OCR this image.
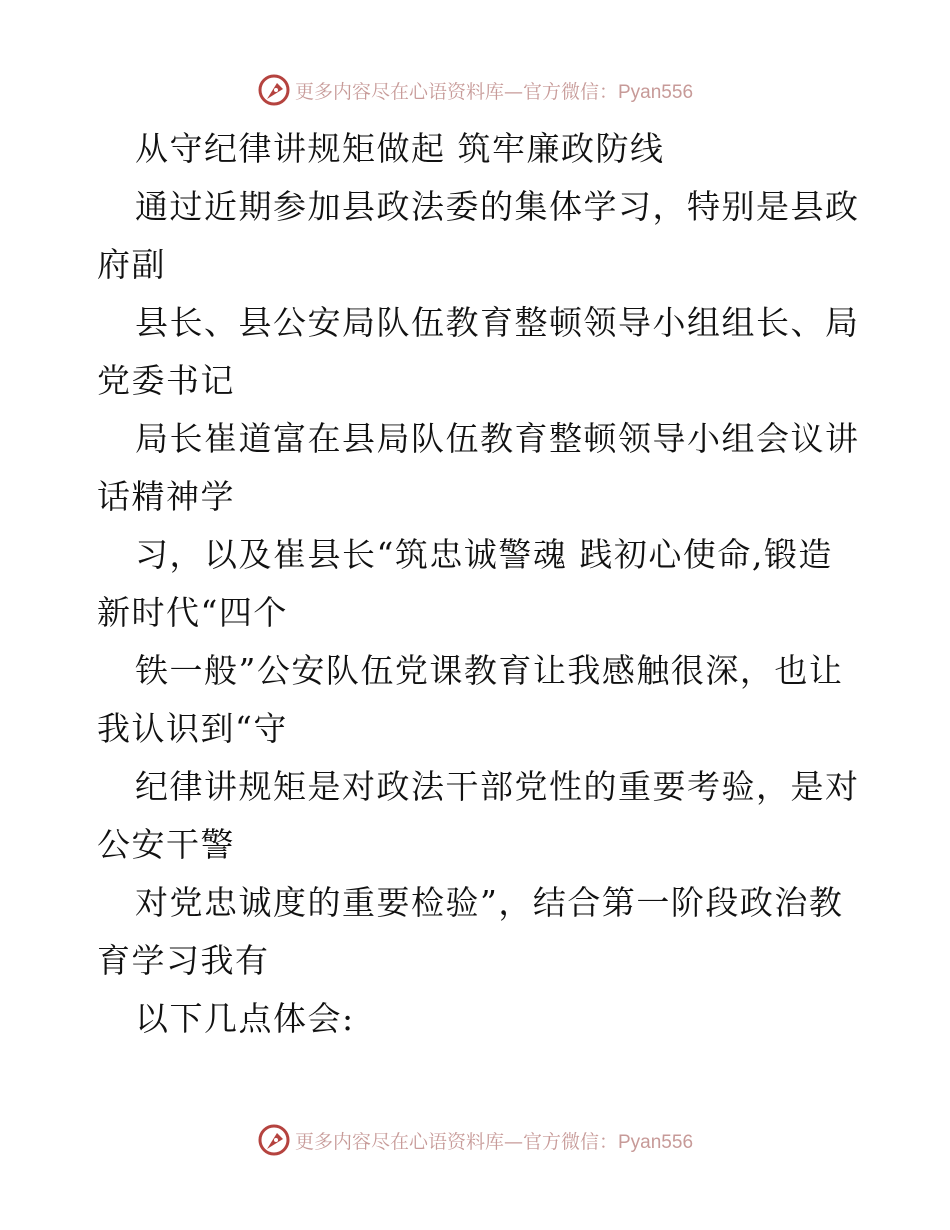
更多内容尽在心语资料库—官方微信：Pyan556
从守纪律讲规矩做起 筑牢廉政防线
通过近期参加县政法委的集体学习，特别是县政
府副
县长、县公安局队伍教育整顿领导小组组长、局
党委书记
局长崔道富在县局队伍教育整顿领导小组会议讲
话精神学
习，以及崔县长“筑忠诚警魂 践初心使命,锻造
新时代“四个
铁一般”公安队伍党课教育让我感触很深，也让
我认识到“守
纪律讲规矩是对政法干部党性的重要考验，是对
公安干警
对党忠诚度的重要检验”，结合第一阶段政治教
育学习我有
以下几点体会:
更多内容尽在心语资料库—官方微信：Pyan556
